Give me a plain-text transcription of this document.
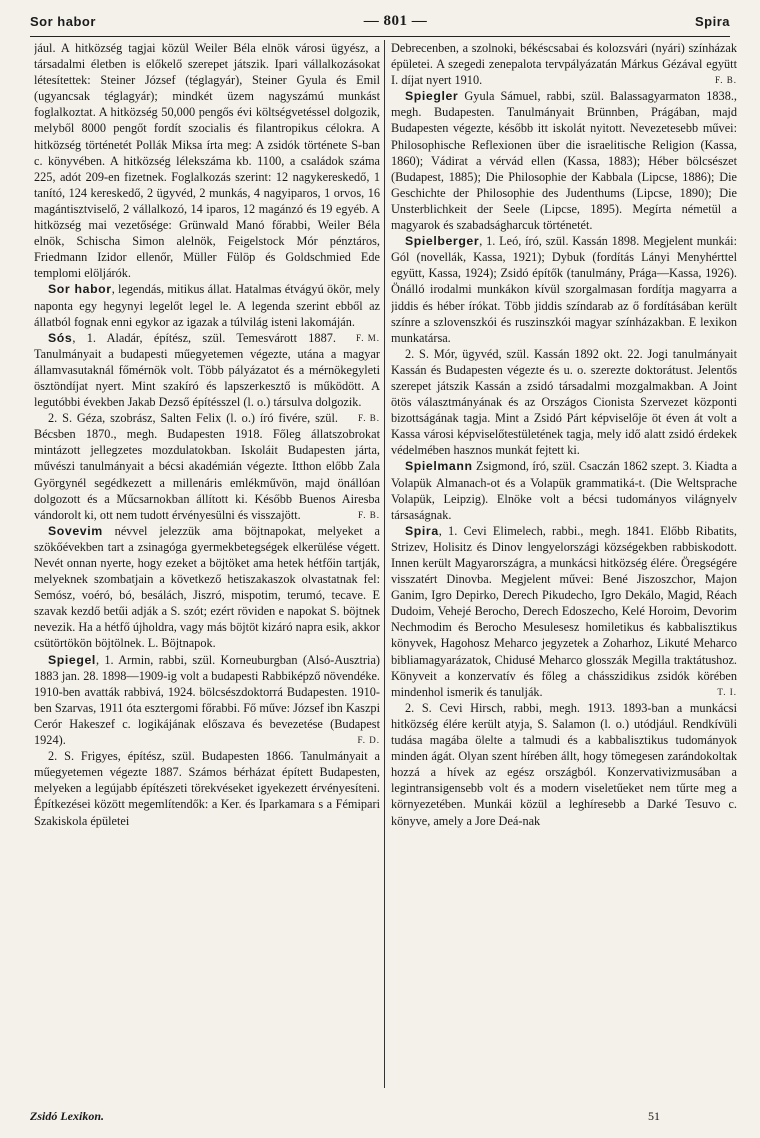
Sor habor	— 801 —	Spira

jául. A hitközség tagjai közül Weiler Béla elnök városi ügyész, a társadalmi életben is előkelő szerepet játszik. Ipari vállalkozásokat létesítettek: Steiner József (téglagyár), Steiner Gyula és Emil (ugyancsak téglagyár); mindkét üzem nagyszámú munkást foglalkoztat. A hitközség 50,000 pengős évi költségvetéssel dolgozik, melyből 8000 pengőt fordít szocialis és filantropikus célokra. A hitközség történetét Pollák Miksa írta meg: A zsidók története S-ban c. könyvében. A hitközség lélekszáma kb. 1100, a családok száma 225, adót 209-en fizetnek. Foglalkozás szerint: 12 nagykereskedő, 1 tanító, 124 kereskedő, 2 ügyvéd, 2 munkás, 4 nagyiparos, 1 orvos, 16 magántisztviselő, 2 vállalkozó, 14 iparos, 12 magánzó és 19 egyéb. A hitközség mai vezetősége: Grünwald Manó főrabbi, Weiler Béla elnök, Schischa Simon alelnök, Feigelstock Mór pénztáros, Friedmann Izidor ellenőr, Müller Fülöp és Goldschmied Ede templomi elöljárók.

Sor habor, legendás, mitikus állat. Hatalmas étvágyú ökör, mely naponta egy hegynyi legelőt legel le. A legenda szerint ebből az állatból fognak enni egykor az igazak a túlvilág isteni lakomáján.
F. M.

Sós, 1. Aladár, építész, szül. Temesvárott 1887. Tanulmányait a budapesti műegyetemen végezte, utána a magyar államvasutaknál főmérnök volt. Több pályázatot és a mérnökegyleti ösztöndíjat nyert. Mint szakíró és lapszerkesztő is működött. A legutóbbi években Jakab Dezső építésszel (l. o.) társulva dolgozik.
F. B.

2. S. Géza, szobrász, Salten Felix (l. o.) író fivére, szül. Bécsben 1870., megh. Budapesten 1918. Főleg állatszobrokat mintázott jellegzetes mozdulatokban. Iskoláit Budapesten járta, művészi tanulmányait a bécsi akadémián végezte. Itthon előbb Zala Györgynél segédkezett a millenáris emlékművön, majd önállóan dolgozott és a Műcsarnokban állított ki. Később Buenos Airesba vándorolt ki, ott nem tudott érvényesülni és visszajött.	F. B.

Sovevim névvel jelezzük ama böjtnapokat, melyeket a szökőévekben tart a zsinagóga gyermekbetegségek elkerülése végett. Nevét onnan nyerte, hogy ezeket a böjtöket ama hetek hétfőin tartják, melyeknek szombatjain a következő hetiszakaszok olvastatnak fel: Semósz, voéró, bó, besálách, Jiszró, mispotim, terumó, tecave. E szavak kezdő betűi adják a S. szót; ezért röviden e napokat S. böjtnek nevezik. Ha a hétfő újholdra, vagy más böjtöt kizáró napra esik, akkor csütörtökön böjtölnek. L. Böjtnapok.

Spiegel, 1. Armin, rabbi, szül. Korneuburgban (Alsó-Ausztria) 1883 jan. 28. 1898—1909-ig volt a budapesti Rabbiképző növendéke. 1910-ben avatták rabbivá, 1924. bölcsészdoktorrá Budapesten. 1910-ben Szarvas, 1911 óta esztergomi főrabbi. Fő műve: József ibn Kaszpi Cerór Hakeszef c. logikájának előszava és bevezetése (Budapest 1924).	F. D.

2. S. Frigyes, építész, szül. Budapesten 1866. Tanulmányait a műegyetemen végezte 1887. Számos bérházat épített Budapesten, melyeken a legújabb építészeti törekvéseket igyekezett érvényesíteni. Építkezései között megemlítendők: a Ker. és Iparkamara s a Fémipari Szakiskola épületei

Debrecenben, a szolnoki, békéscsabai és kolozsvári (nyári) színházak épületei. A szegedi zenepalota tervpályázatán Márkus Gézával együtt I. díjat nyert 1910.	F. B.

Spiegler Gyula Sámuel, rabbi, szül. Balassagyarmaton 1838., megh. Budapesten. Tanulmányait Brünnben, Prágában, majd Budapesten végezte, később itt iskolát nyitott. Nevezetesebb művei: Philosophische Reflexionen über die israelitische Religion (Kassa, 1860); Vádirat a vérvád ellen (Kassa, 1883); Héber bölcsészet (Budapest, 1885); Die Philosophie der Kabbala (Lipcse, 1886); Die Geschichte der Philosophie des Judenthums (Lipcse, 1890); Die Unsterblichkeit der Seele (Lipcse, 1895). Megírta németül a magyarok és szabadságharcuk történetét.

Spielberger, 1. Leó, író, szül. Kassán 1898. Megjelent munkái: Gól (novellák, Kassa, 1921); Dybuk (fordítás Lányi Menyhérttel együtt, Kassa, 1924); Zsidó építők (tanulmány, Prága—Kassa, 1926). Önálló irodalmi munkákon kívül szorgalmasan fordítja magyarra a jiddis és héber írókat. Több jiddis színdarab az ő fordításában került színre a szlovenszkói és ruszinszkói magyar színházakban. E lexikon munkatársa.

2. S. Mór, ügyvéd, szül. Kassán 1892 okt. 22. Jogi tanulmányait Kassán és Budapesten végezte és u. o. szerezte doktorátust. Jelentős szerepet játszik Kassán a zsidó társadalmi mozgalmakban. A Joint ötös választmányának és az Országos Cionista Szervezet központi bizottságának tagja. Mint a Zsidó Párt képviselője öt éven át volt a Kassa városi képviselőtestületének tagja, mely idő alatt zsidó érdekek védelmében hasznos munkát fejtett ki.

Spielmann Zsigmond, író, szül. Csaczán 1862 szept. 3. Kiadta a Volapük Almanach-ot és a Volapük grammatiká-t. (Die Weltsprache Volapük, Leipzig). Elnöke volt a bécsi tudományos világnyelv társaságnak.

Spira, 1. Cevi Elimelech, rabbi., megh. 1841. Előbb Ribatits, Strizev, Holisitz és Dinov lengyelországi községekben rabbiskodott. Innen került Magyarországra, a munkácsi hitközség élére. Öregségére visszatért Dinovba. Megjelent művei: Bené Jiszoszchor, Majon Ganim, Igro Depirko, Derech Pikudecho, Igro Dekálo, Magid, Réach Dudoim, Vehejé Berocho, Derech Edoszecho, Kelé Horoim, Devorim Nechmodim és Berocho Mesulesesz homiletikus és kabbalisztikus könyvek, Hagohosz Meharco jegyzetek a Zoharhoz, Likuté Meharco bibliamagyarázatok, Chidusé Meharco glosszák Megilla traktátushoz. Könyveit a konzervatív és főleg a chásszidikus zsidók körében mindenhol ismerik és tanulják.	T. I.

2. S. Cevi Hirsch, rabbi, megh. 1913. 1893-ban a munkácsi hitközség élére került atyja, S. Salamon (l. o.) utódjául. Rendkívüli tudása magába ölelte a talmudi és a kabbalisztikus tudományok minden ágát. Olyan szent hírében állt, hogy tömegesen zarándokoltak hozzá a hívek az egész országból. Konzervativizmusában a legintransigensebb volt és a modern viseletűeket nem tűrte meg a környezetében. Munkái közül a leghíresebb a Darké Tesuvo c. könyve, amely a Jore Deá-nak

Zsidó Lexikon.	51
